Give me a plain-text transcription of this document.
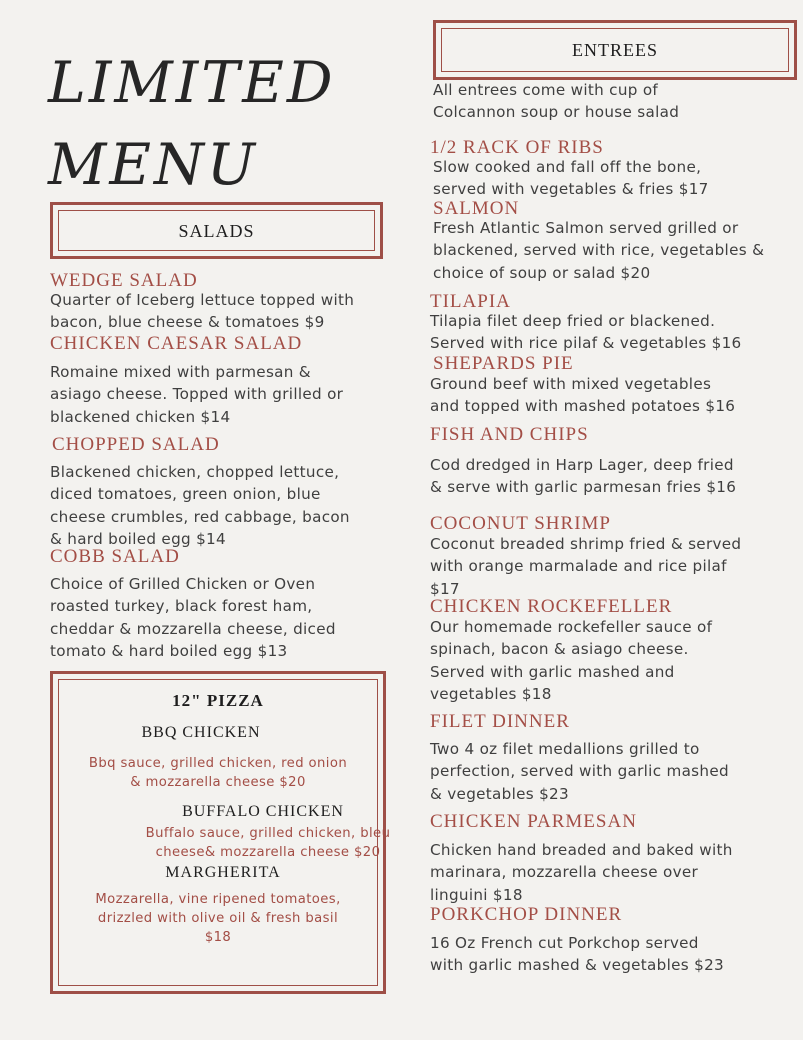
LIMITED
MENU
SALADS
WEDGE SALAD
Quarter of Iceberg lettuce topped with
bacon, blue cheese & tomatoes $9
CHICKEN CAESAR SALAD
Romaine mixed with parmesan &
asiago cheese. Topped with grilled or
blackened chicken $14
CHOPPED SALAD
Blackened chicken, chopped lettuce,
diced tomatoes, green onion, blue
cheese crumbles, red cabbage, bacon
& hard boiled egg $14
COBB SALAD
Choice of Grilled Chicken or Oven
roasted turkey, black forest ham,
cheddar & mozzarella cheese, diced
tomato & hard boiled egg $13
12" PIZZA
BBQ CHICKEN
Bbq sauce, grilled chicken, red onion
& mozzarella cheese $20
BUFFALO CHICKEN
Buffalo sauce, grilled chicken, bleu
cheese& mozzarella cheese $20
MARGHERITA
Mozzarella, vine ripened tomatoes,
drizzled with olive oil & fresh basil
$18
ENTREES
All entrees come with cup of
Colcannon soup or house salad
1/2 RACK OF RIBS
Slow cooked and fall off the bone,
served with vegetables & fries $17
SALMON
Fresh Atlantic Salmon served grilled or
blackened, served with rice, vegetables &
choice of soup or salad $20
TILAPIA
Tilapia filet deep fried or blackened.
Served with rice pilaf & vegetables $16
SHEPARDS PIE
Ground beef with mixed vegetables
and topped with mashed potatoes $16
FISH AND CHIPS
Cod dredged in Harp Lager, deep fried
& serve with garlic parmesan fries $16
COCONUT SHRIMP
Coconut breaded shrimp fried & served
with orange marmalade and rice pilaf
$17
CHICKEN ROCKEFELLER
Our homemade rockefeller sauce of
spinach, bacon & asiago cheese.
Served with garlic mashed and
vegetables $18
FILET DINNER
Two 4 oz filet medallions grilled to
perfection, served with garlic mashed
& vegetables $23
CHICKEN PARMESAN
Chicken hand breaded and baked with
marinara, mozzarella cheese over
linguini $18
PORKCHOP DINNER
16 Oz French cut Porkchop served
with garlic mashed & vegetables $23
